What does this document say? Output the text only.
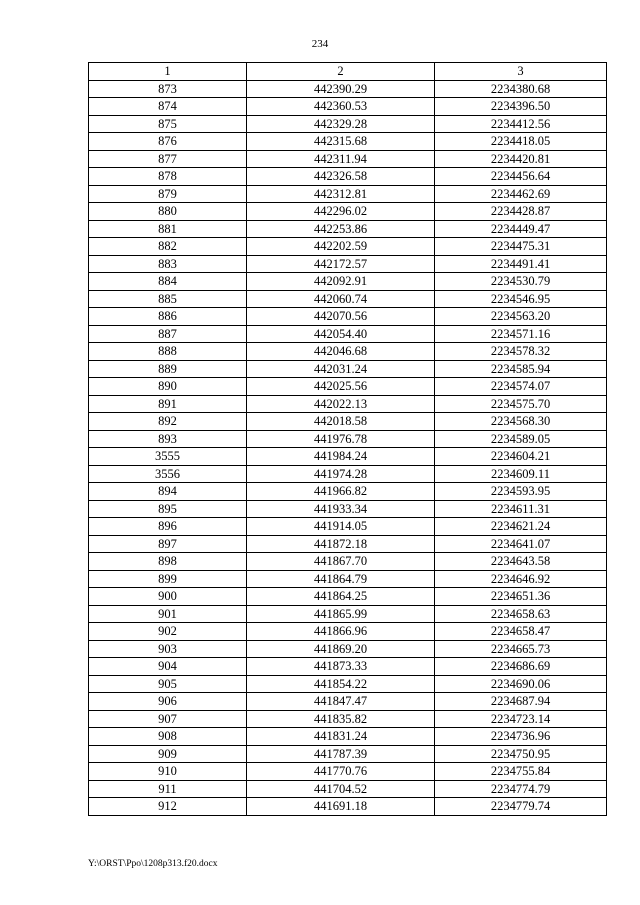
234
1	2	3
873	442390.29	2234380.68
874	442360.53	2234396.50
875	442329.28	2234412.56
876	442315.68	2234418.05
877	442311.94	2234420.81
878	442326.58	2234456.64
879	442312.81	2234462.69
880	442296.02	2234428.87
881	442253.86	2234449.47
882	442202.59	2234475.31
883	442172.57	2234491.41
884	442092.91	2234530.79
885	442060.74	2234546.95
886	442070.56	2234563.20
887	442054.40	2234571.16
888	442046.68	2234578.32
889	442031.24	2234585.94
890	442025.56	2234574.07
891	442022.13	2234575.70
892	442018.58	2234568.30
893	441976.78	2234589.05
3555	441984.24	2234604.21
3556	441974.28	2234609.11
894	441966.82	2234593.95
895	441933.34	2234611.31
896	441914.05	2234621.24
897	441872.18	2234641.07
898	441867.70	2234643.58
899	441864.79	2234646.92
900	441864.25	2234651.36
901	441865.99	2234658.63
902	441866.96	2234658.47
903	441869.20	2234665.73
904	441873.33	2234686.69
905	441854.22	2234690.06
906	441847.47	2234687.94
907	441835.82	2234723.14
908	441831.24	2234736.96
909	441787.39	2234750.95
910	441770.76	2234755.84
911	441704.52	2234774.79
912	441691.18	2234779.74
Y:\ORST\Ppo\1208p313.f20.docx
